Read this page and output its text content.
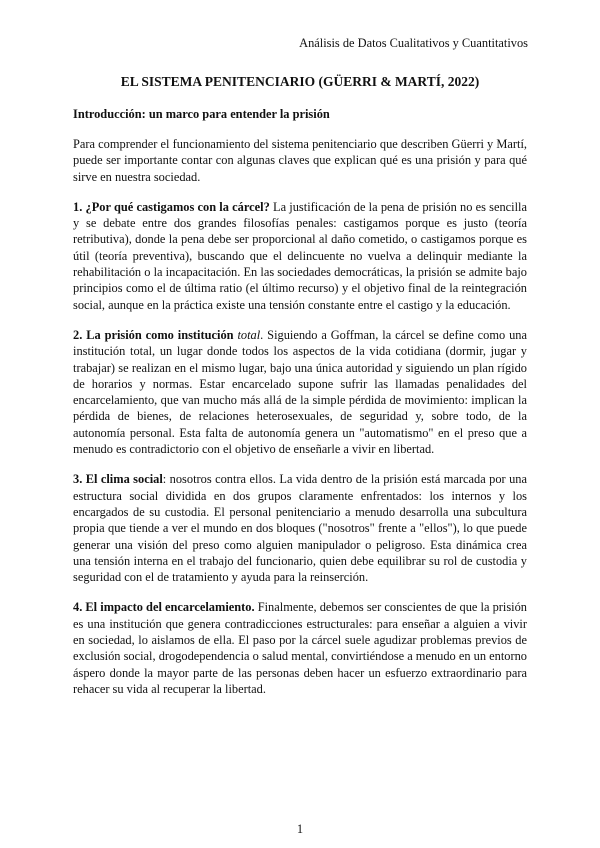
Análisis de Datos Cualitativos y Cuantitativos
EL SISTEMA PENITENCIARIO (GÜERRI & MARTÍ, 2022)
Introducción: un marco para entender la prisión

Para comprender el funcionamiento del sistema penitenciario que describen Güerri y Martí, puede ser importante contar con algunas claves que explican qué es una prisión y para qué sirve en nuestra sociedad.

1. ¿Por qué castigamos con la cárcel? La justificación de la pena de prisión no es sencilla y se debate entre dos grandes filosofías penales: castigamos porque es justo (teoría retributiva), donde la pena debe ser proporcional al daño cometido, o castigamos porque es útil (teoría preventiva), buscando que el delincuente no vuelva a delinquir mediante la rehabilitación o la incapacitación. En las sociedades democráticas, la prisión se admite bajo principios como el de última ratio (el último recurso) y el objetivo final de la reintegración social, aunque en la práctica existe una tensión constante entre el castigo y la educación.

2. La prisión como institución total. Siguiendo a Goffman, la cárcel se define como una institución total, un lugar donde todos los aspectos de la vida cotidiana (dormir, jugar y trabajar) se realizan en el mismo lugar, bajo una única autoridad y siguiendo un plan rígido de horarios y normas. Estar encarcelado supone sufrir las llamadas penalidades del encarcelamiento, que van mucho más allá de la simple pérdida de movimiento: implican la pérdida de bienes, de relaciones heterosexuales, de seguridad y, sobre todo, de la autonomía personal. Esta falta de autonomía genera un "automatismo" en el preso que a menudo es contradictorio con el objetivo de enseñarle a vivir en libertad.

3. El clima social: nosotros contra ellos. La vida dentro de la prisión está marcada por una estructura social dividida en dos grupos claramente enfrentados: los internos y los encargados de su custodia. El personal penitenciario a menudo desarrolla una subcultura propia que tiende a ver el mundo en dos bloques ("nosotros" frente a "ellos"), lo que puede generar una visión del preso como alguien manipulador o peligroso. Esta dinámica crea una tensión interna en el trabajo del funcionario, quien debe equilibrar su rol de custodia y seguridad con el de tratamiento y ayuda para la reinserción.

4. El impacto del encarcelamiento. Finalmente, debemos ser conscientes de que la prisión es una institución que genera contradicciones estructurales: para enseñar a alguien a vivir en sociedad, lo aislamos de ella. El paso por la cárcel suele agudizar problemas previos de exclusión social, drogodependencia o salud mental, convirtiéndose a menudo en un entorno áspero donde la mayor parte de las personas deben hacer un esfuerzo extraordinario para rehacer su vida al recuperar la libertad.

1
